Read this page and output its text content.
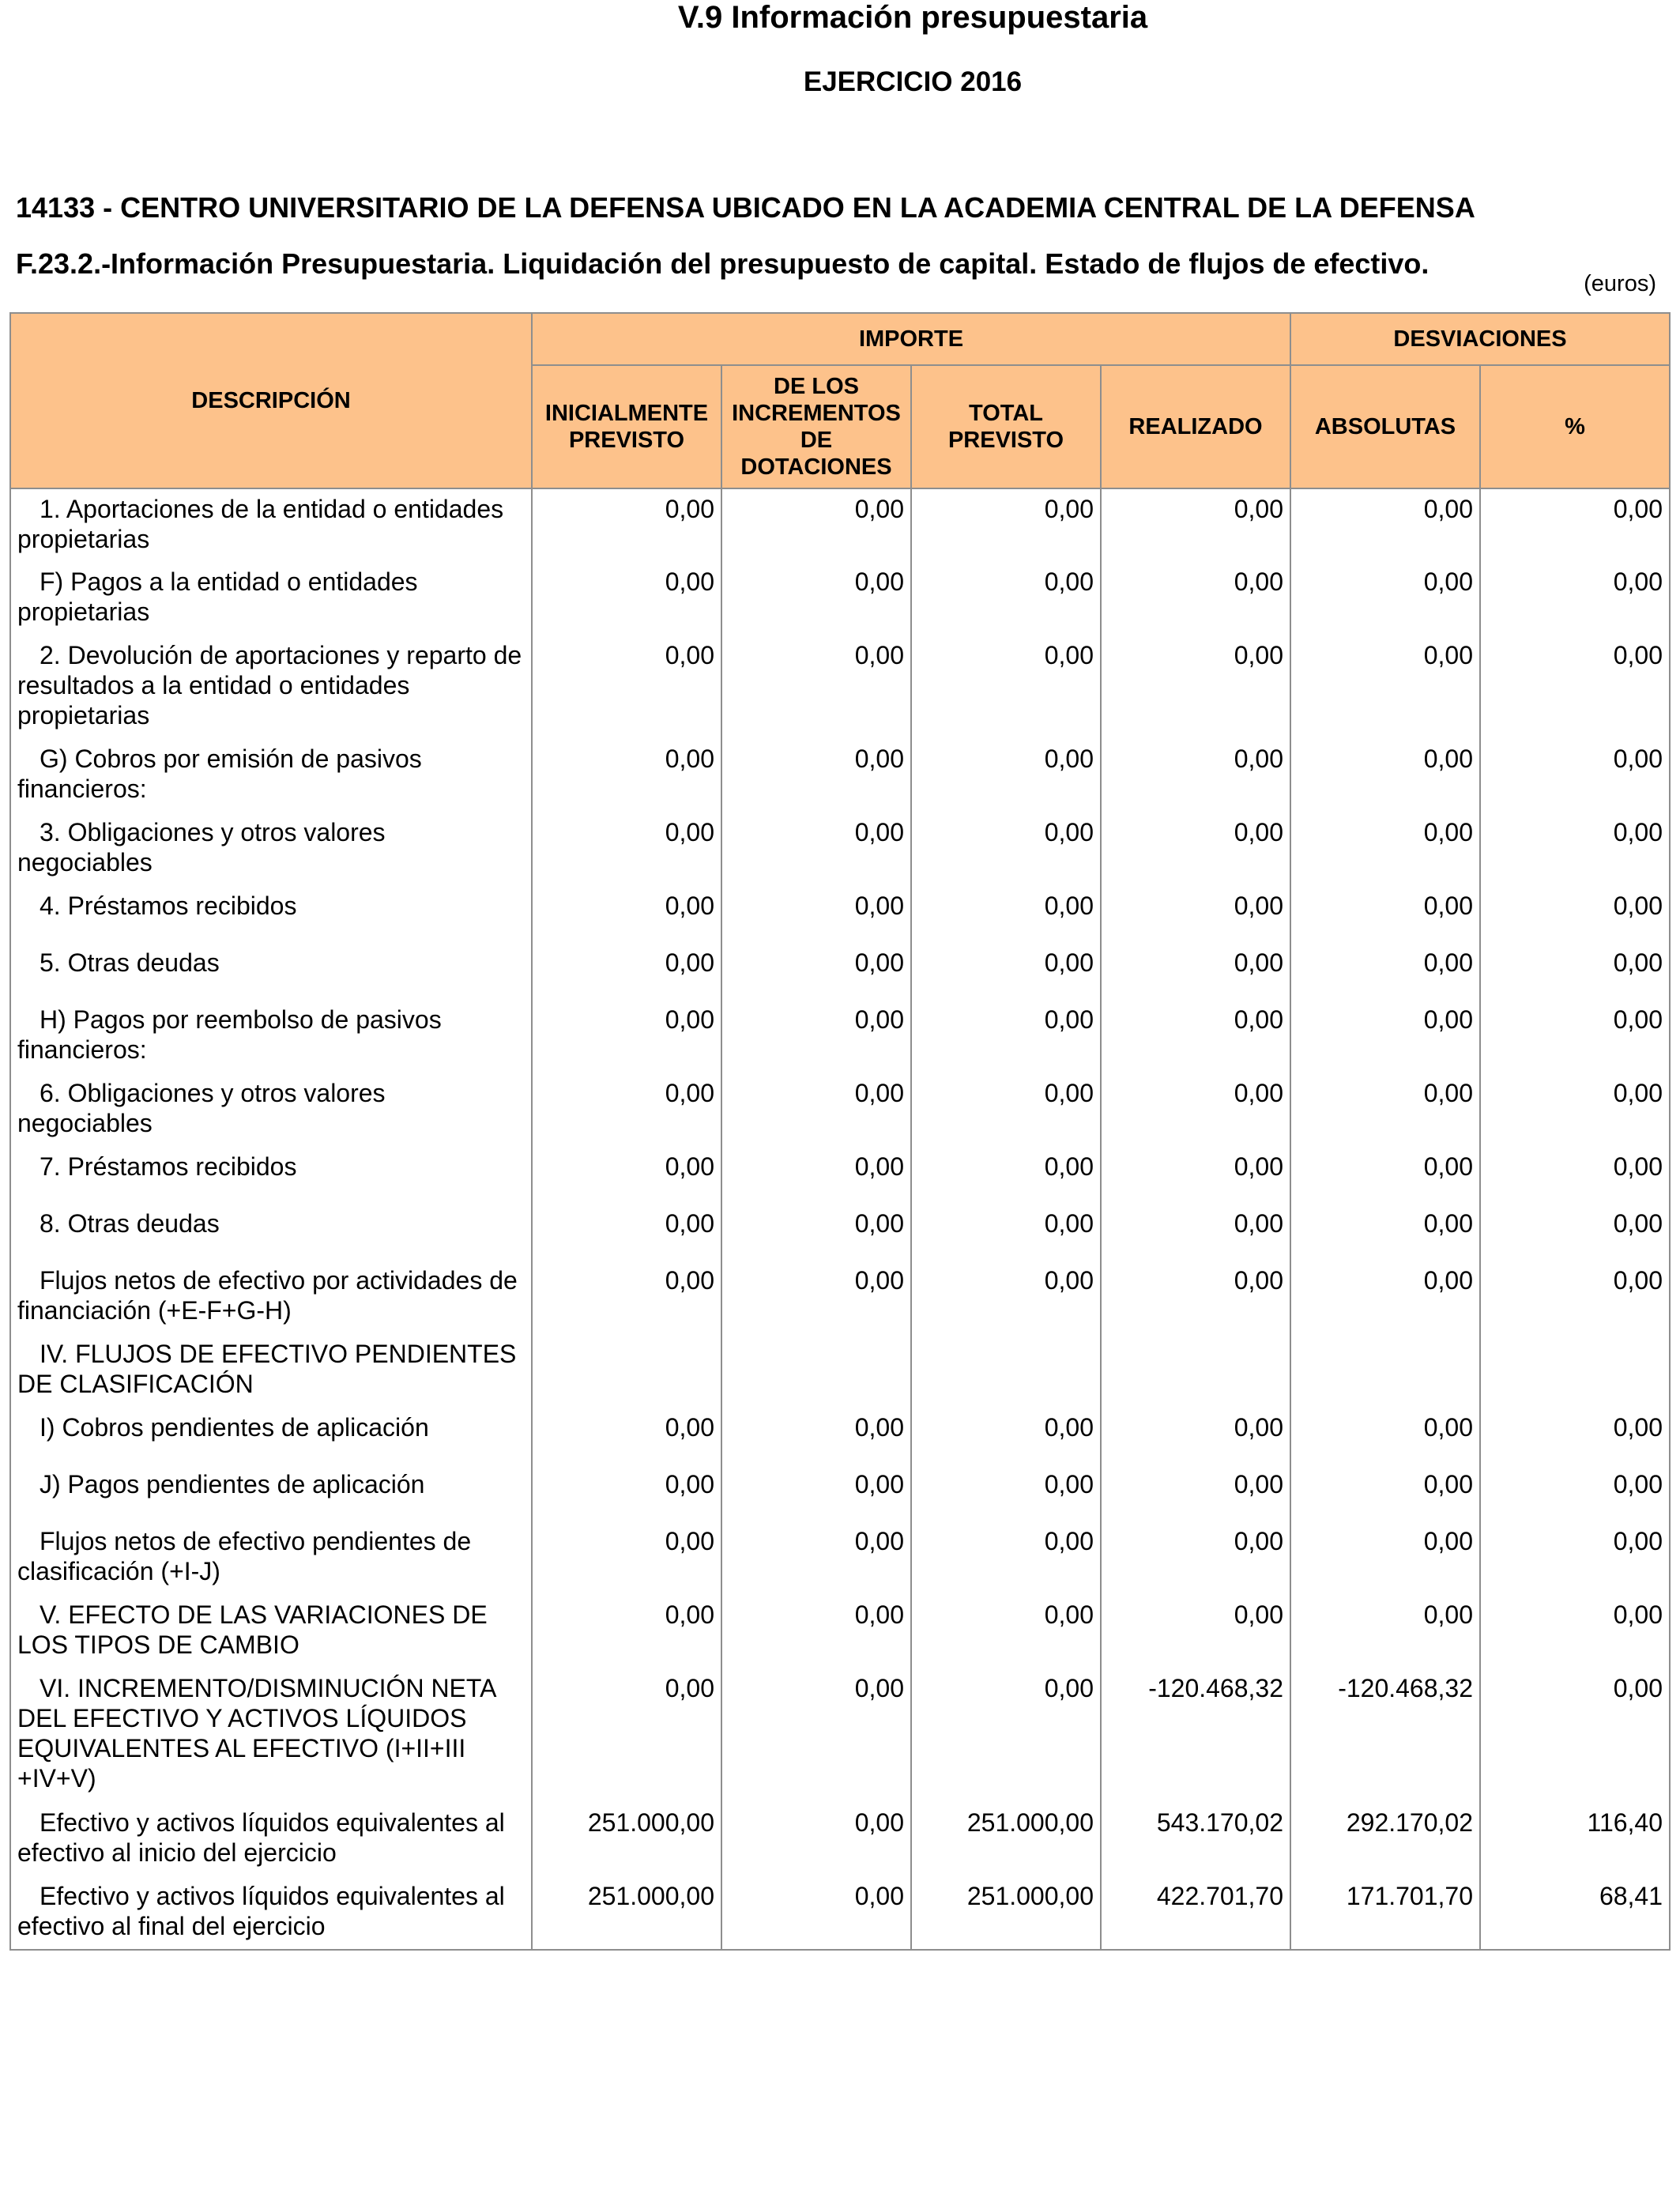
V.9 Información presupuestaria
EJERCICIO 2016
14133 - CENTRO UNIVERSITARIO DE LA DEFENSA UBICADO EN LA ACADEMIA CENTRAL DE LA DEFENSA
F.23.2.-Información Presupuestaria. Liquidación del presupuesto de capital. Estado de flujos de efectivo.
(euros)
DESCRIPCIÓN	IMPORTE				DESVIACIONES	
	INICIALMENTE PREVISTO	DE LOS INCREMENTOS DE DOTACIONES	TOTAL PREVISTO	REALIZADO	ABSOLUTAS	%
1. Aportaciones de la entidad o entidades propietarias	0,00	0,00	0,00	0,00	0,00	0,00
F) Pagos a la entidad o entidades propietarias	0,00	0,00	0,00	0,00	0,00	0,00
2. Devolución de aportaciones y reparto de resultados a la entidad o entidades propietarias	0,00	0,00	0,00	0,00	0,00	0,00
G) Cobros por emisión de pasivos financieros:	0,00	0,00	0,00	0,00	0,00	0,00
3. Obligaciones y otros valores negociables	0,00	0,00	0,00	0,00	0,00	0,00
4. Préstamos recibidos	0,00	0,00	0,00	0,00	0,00	0,00
5. Otras deudas	0,00	0,00	0,00	0,00	0,00	0,00
H) Pagos por reembolso de pasivos financieros:	0,00	0,00	0,00	0,00	0,00	0,00
6. Obligaciones y otros valores negociables	0,00	0,00	0,00	0,00	0,00	0,00
7. Préstamos recibidos	0,00	0,00	0,00	0,00	0,00	0,00
8. Otras deudas	0,00	0,00	0,00	0,00	0,00	0,00
Flujos netos de efectivo por actividades de financiación (+E-F+G-H)	0,00	0,00	0,00	0,00	0,00	0,00
IV. FLUJOS DE EFECTIVO PENDIENTES DE CLASIFICACIÓN						
I) Cobros pendientes de aplicación	0,00	0,00	0,00	0,00	0,00	0,00
J) Pagos pendientes de aplicación	0,00	0,00	0,00	0,00	0,00	0,00
Flujos netos de efectivo pendientes de clasificación (+I-J)	0,00	0,00	0,00	0,00	0,00	0,00
V. EFECTO DE LAS VARIACIONES DE LOS TIPOS DE CAMBIO	0,00	0,00	0,00	0,00	0,00	0,00
VI. INCREMENTO/DISMINUCIÓN NETA DEL EFECTIVO Y ACTIVOS LÍQUIDOS EQUIVALENTES AL EFECTIVO (I+II+III +IV+V)	0,00	0,00	0,00	-120.468,32	-120.468,32	0,00
Efectivo y activos líquidos equivalentes al efectivo al inicio del ejercicio	251.000,00	0,00	251.000,00	543.170,02	292.170,02	116,40
Efectivo y activos líquidos equivalentes al efectivo al final del ejercicio	251.000,00	0,00	251.000,00	422.701,70	171.701,70	68,41
